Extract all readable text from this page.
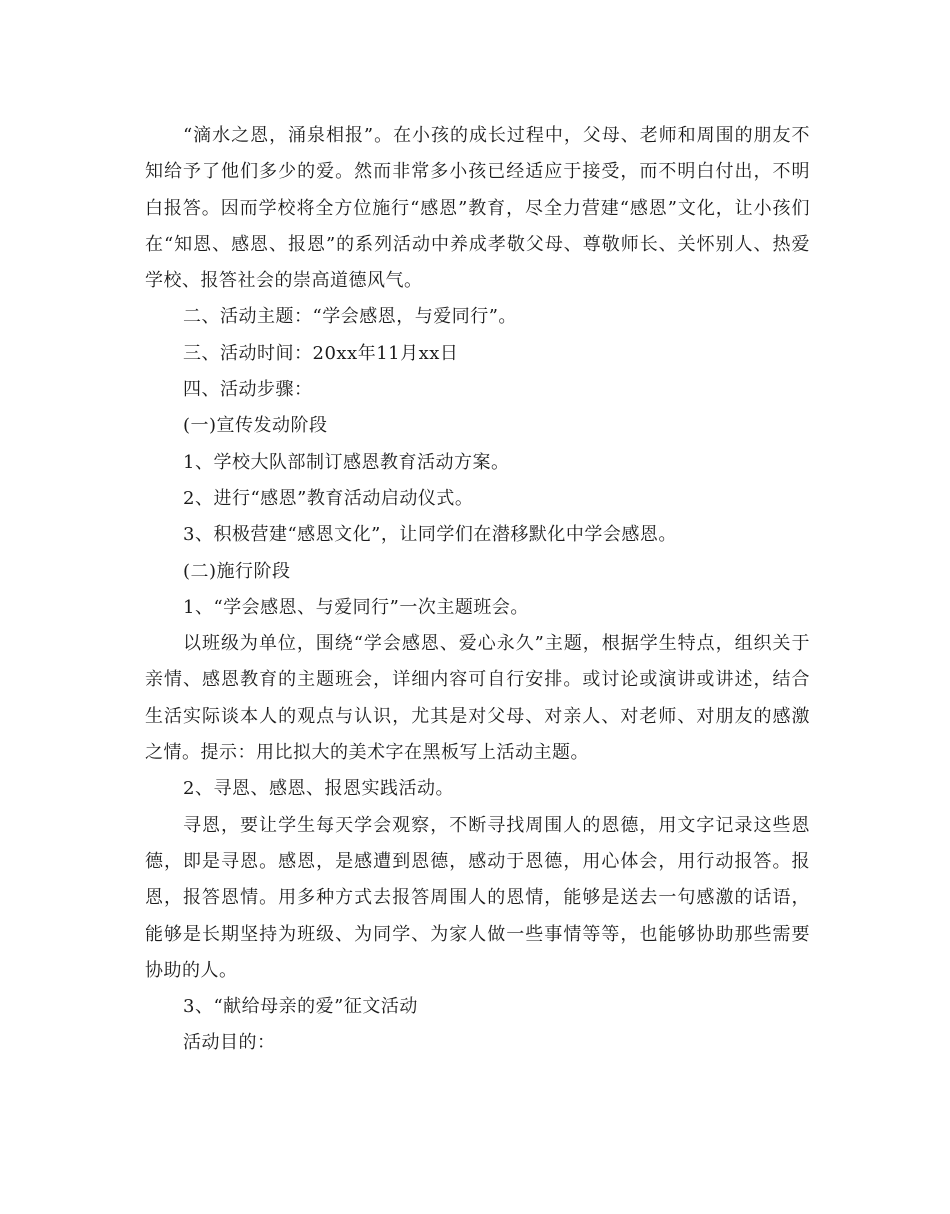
“滴水之恩，涌泉相报”。在小孩的成长过程中，父母、老师和周围的朋友不知给予了他们多少的爱。然而非常多小孩已经适应于接受，而不明白付出，不明白报答。因而学校将全方位施行“感恩”教育，尽全力营建“感恩”文化，让小孩们在“知恩、感恩、报恩”的系列活动中养成孝敬父母、尊敬师长、关怀别人、热爱学校、报答社会的崇高道德风气。

二、活动主题：“学会感恩，与爱同行”。

三、活动时间：20xx年11月xx日

四、活动步骤：

(一)宣传发动阶段

1、学校大队部制订感恩教育活动方案。

2、进行“感恩”教育活动启动仪式。

3、积极营建“感恩文化”，让同学们在潜移默化中学会感恩。

(二)施行阶段

1、“学会感恩、与爱同行”一次主题班会。

以班级为单位，围绕“学会感恩、爱心永久”主题，根据学生特点，组织关于亲情、感恩教育的主题班会，详细内容可自行安排。或讨论或演讲或讲述，结合生活实际谈本人的观点与认识，尤其是对父母、对亲人、对老师、对朋友的感激之情。提示：用比拟大的美术字在黑板写上活动主题。

2、寻恩、感恩、报恩实践活动。

寻恩，要让学生每天学会观察，不断寻找周围人的恩德，用文字记录这些恩德，即是寻恩。感恩，是感遭到恩德，感动于恩德，用心体会，用行动报答。报恩，报答恩情。用多种方式去报答周围人的恩情，能够是送去一句感激的话语，能够是长期坚持为班级、为同学、为家人做一些事情等等，也能够协助那些需要协助的人。

3、“献给母亲的爱”征文活动

活动目的：
